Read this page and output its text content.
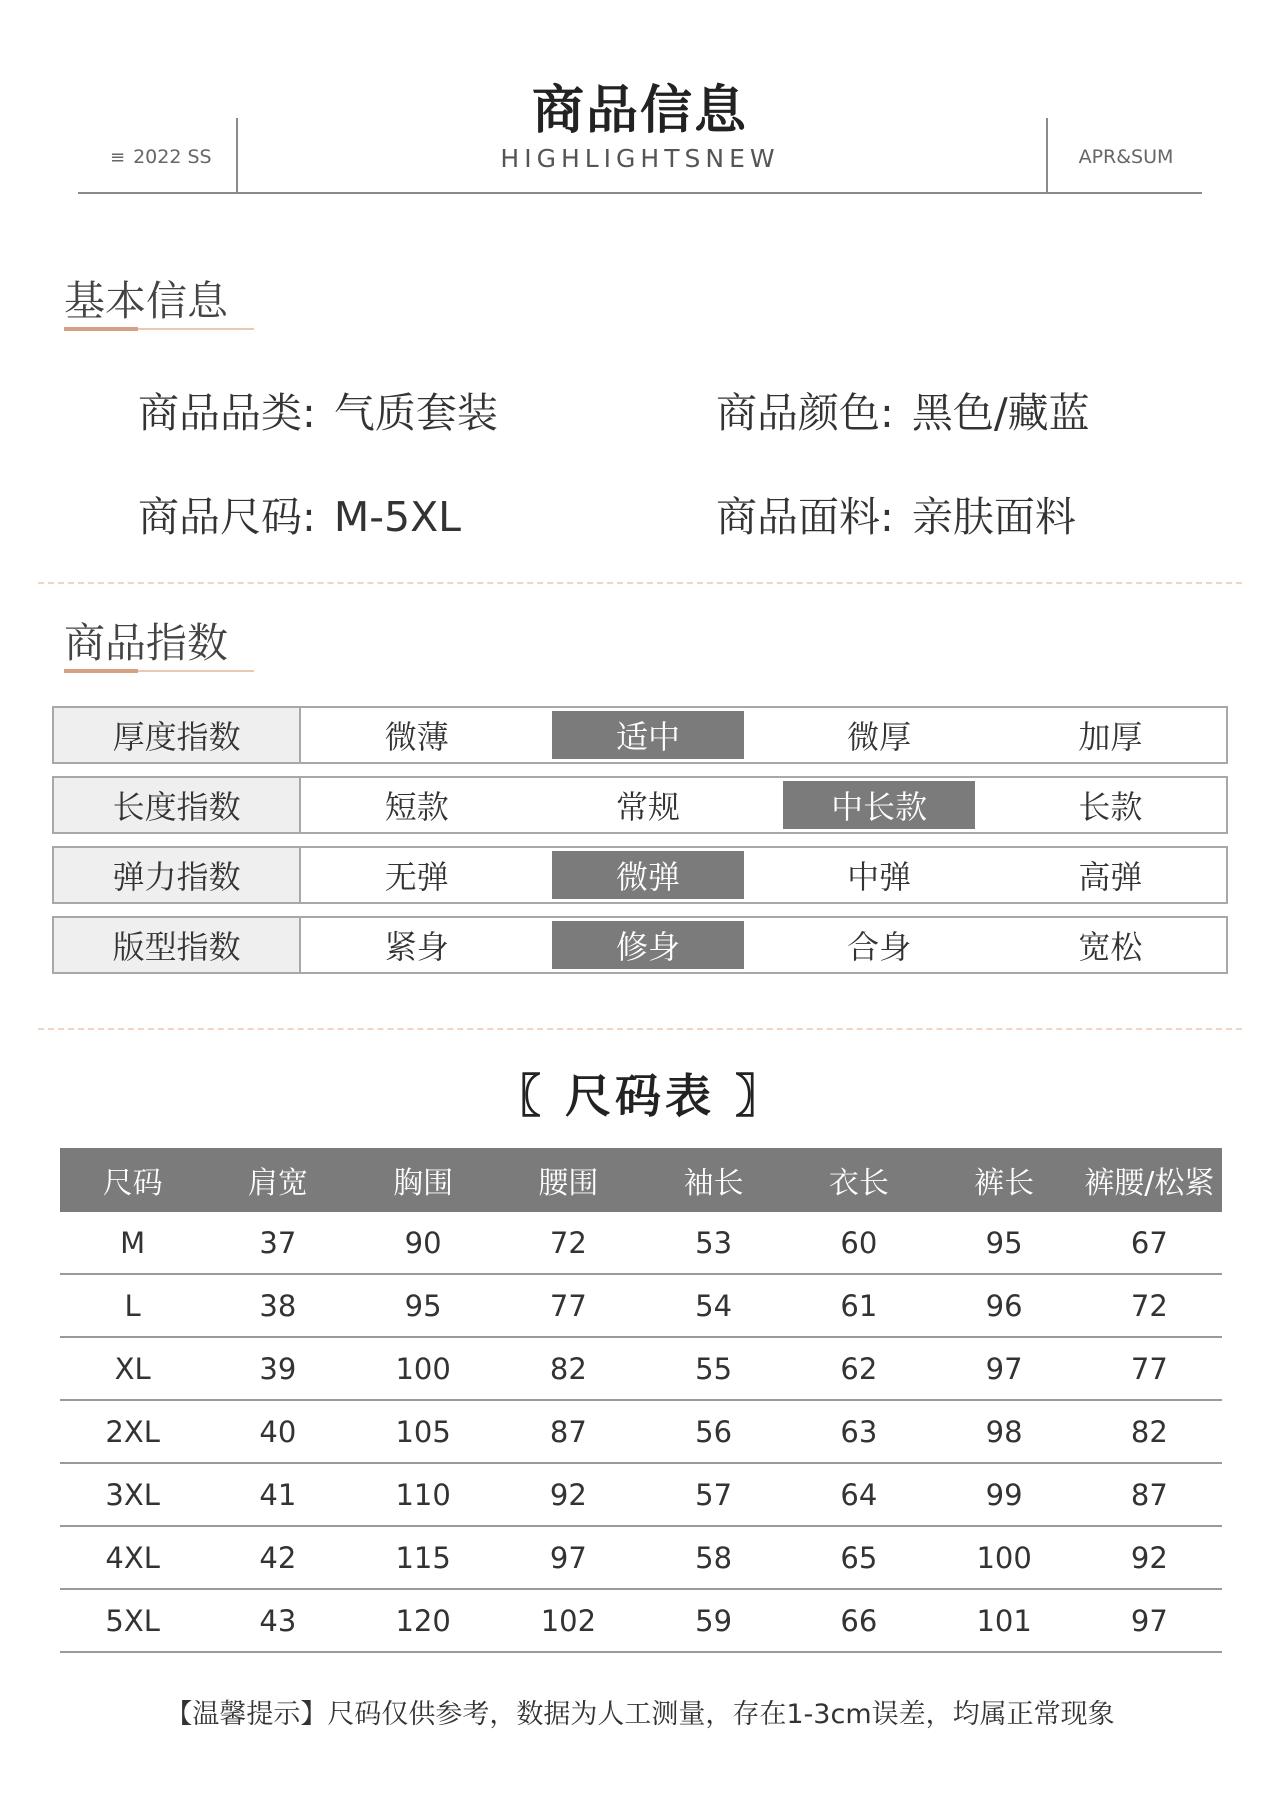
商品信息
≡ 2022 SS	HIGHLIGHTSNEW	APR&SUM
基本信息
商品品类: 气质套装	商品颜色: 黑色/藏蓝
商品尺码: M-5XL	商品面料: 亲肤面料
商品指数
厚度指数	微薄	适中	微厚	加厚
长度指数	短款	常规	中长款	长款
弹力指数	无弹	微弹	中弹	高弹
版型指数	紧身	修身	合身	宽松
〖 尺码表 〗
尺码	肩宽	胸围	腰围	袖长	衣长	裤长	裤腰/松紧
M	37	90	72	53	60	95	67
L	38	95	77	54	61	96	72
XL	39	100	82	55	62	97	77
2XL	40	105	87	56	63	98	82
3XL	41	110	92	57	64	99	87
4XL	42	115	97	58	65	100	92
5XL	43	120	102	59	66	101	97
【温馨提示】尺码仅供参考，数据为人工测量，存在1-3cm误差，均属正常现象
